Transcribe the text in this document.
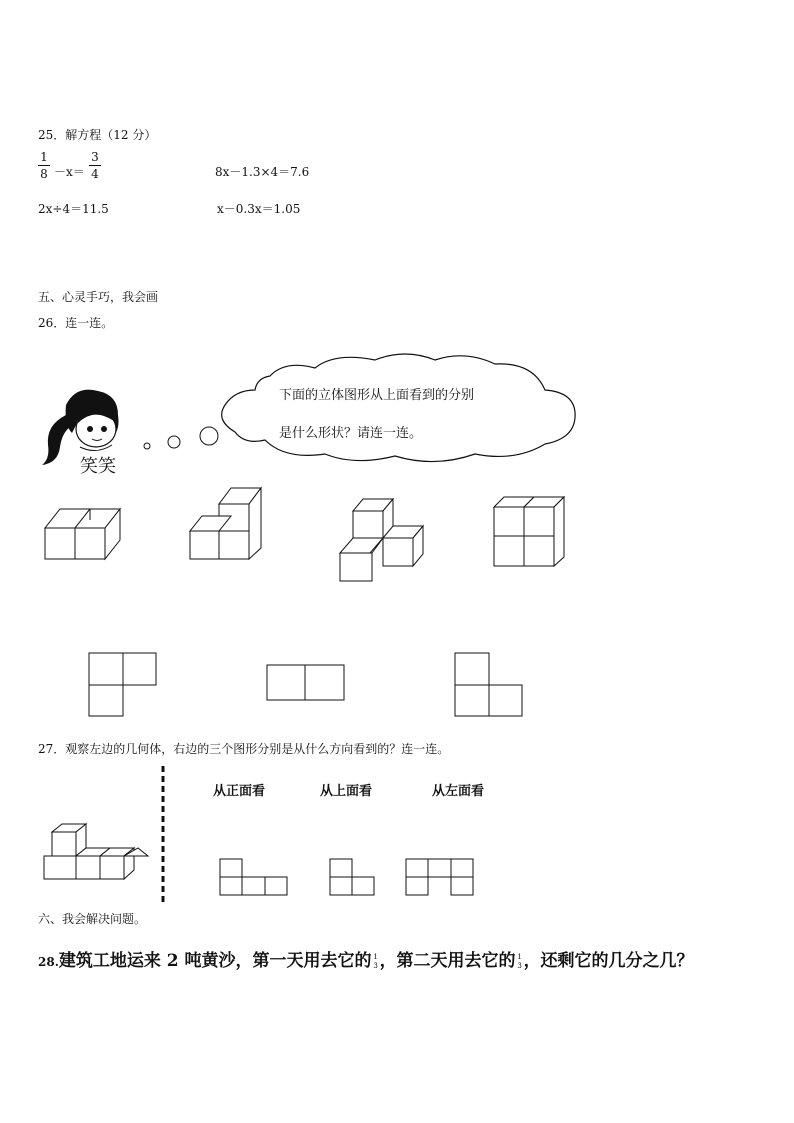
25．解方程（12 分）
1
8 －x＝
3
4	8x－1.3×4＝7.6
2x÷4＝11.5	x－0.3x＝1.05
五、心灵手巧，我会画
26．连一连。
笑笑
下面的立体图形从上面看到的分别
是什么形状？请连一连。
27．观察左边的几何体，右边的三个图形分别是从什么方向看到的？连一连。
从正面看	从上面看	从左面看
六、我会解决问题。
28.建筑工地运来 2 吨黄沙，第一天用去它的 1
3 ，第二天用去它的 1
3 ，还剩它的几分之几？
